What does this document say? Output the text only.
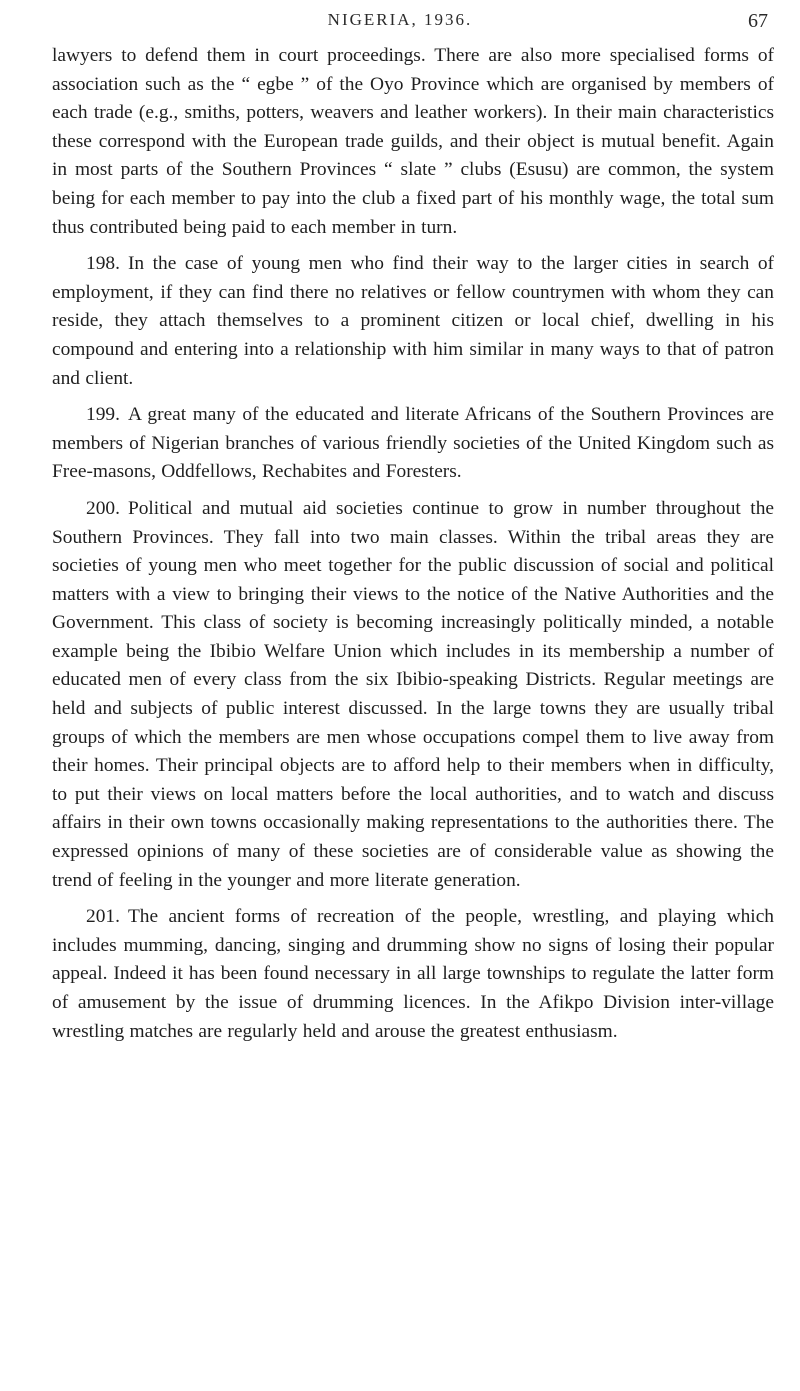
NIGERIA, 1936.	67

lawyers to defend them in court proceedings. There are also more specialised forms of association such as the “ egbe ” of the Oyo Province which are organised by members of each trade (e.g., smiths, potters, weavers and leather workers). In their main characteristics these correspond with the European trade guilds, and their object is mutual benefit. Again in most parts of the Southern Provinces “ slate ” clubs (Esusu) are common, the system being for each member to pay into the club a fixed part of his monthly wage, the total sum thus contributed being paid to each member in turn.

198. In the case of young men who find their way to the larger cities in search of employment, if they can find there no relatives or fellow countrymen with whom they can reside, they attach themselves to a prominent citizen or local chief, dwelling in his compound and entering into a relationship with him similar in many ways to that of patron and client.

199. A great many of the educated and literate Africans of the Southern Provinces are members of Nigerian branches of various friendly societies of the United Kingdom such as Free-masons, Oddfellows, Rechabites and Foresters.

200. Political and mutual aid societies continue to grow in number throughout the Southern Provinces. They fall into two main classes. Within the tribal areas they are societies of young men who meet together for the public discussion of social and political matters with a view to bringing their views to the notice of the Native Authorities and the Government. This class of society is becoming increasingly politically minded, a notable example being the Ibibio Welfare Union which includes in its membership a number of educated men of every class from the six Ibibio-speaking Districts. Regular meetings are held and subjects of public interest discussed. In the large towns they are usually tribal groups of which the members are men whose occupations compel them to live away from their homes. Their principal objects are to afford help to their members when in difficulty, to put their views on local matters before the local authorities, and to watch and discuss affairs in their own towns occasionally making representations to the authorities there. The expressed opinions of many of these societies are of considerable value as showing the trend of feeling in the younger and more literate generation.

201. The ancient forms of recreation of the people, wrestling, and playing which includes mumming, dancing, singing and drumming show no signs of losing their popular appeal. Indeed it has been found necessary in all large townships to regulate the latter form of amusement by the issue of drumming licences. In the Afikpo Division inter-village wrestling matches are regularly held and arouse the greatest enthusiasm.
